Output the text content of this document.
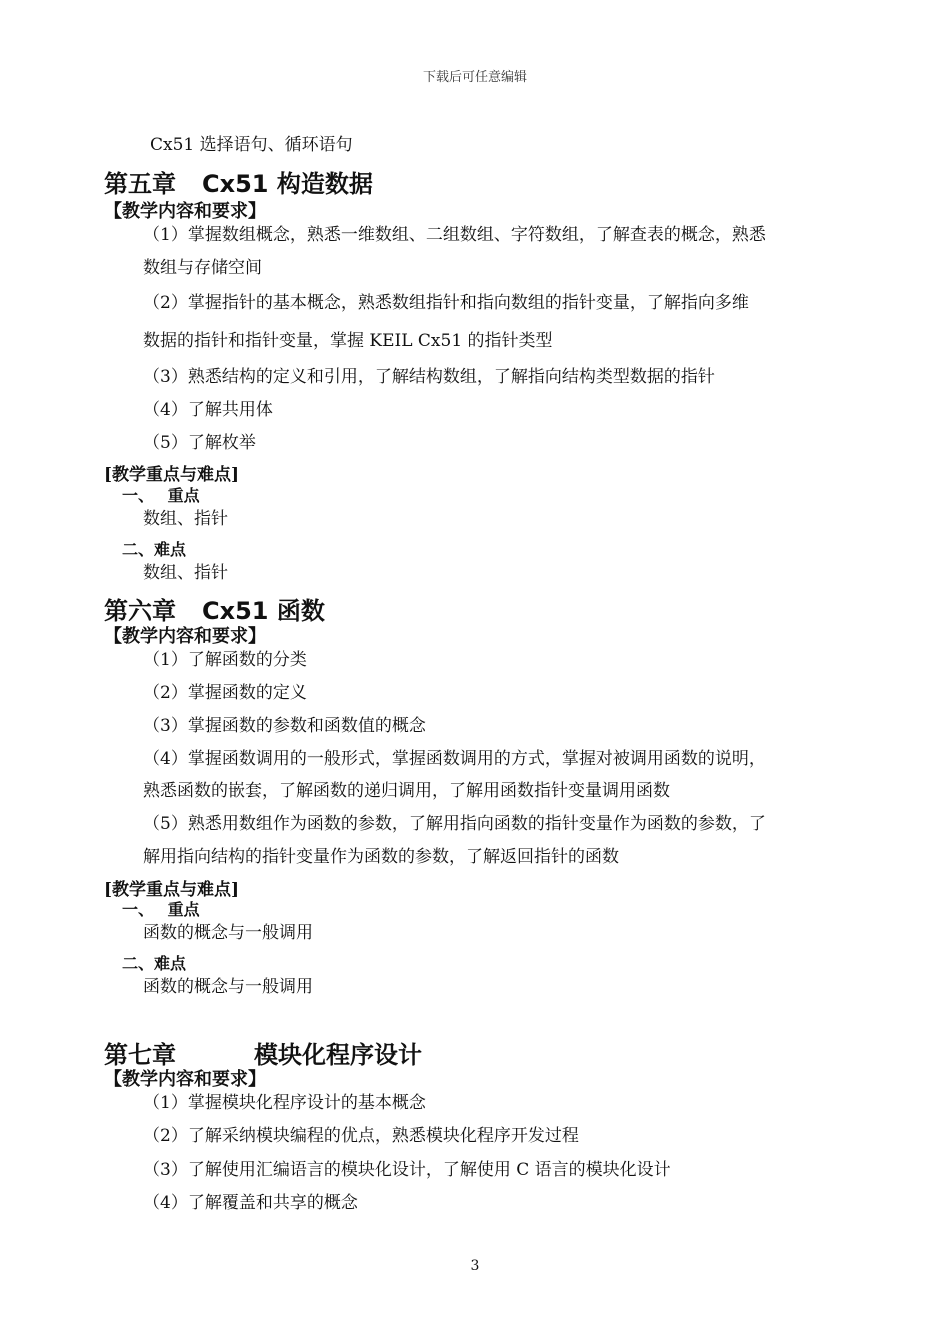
下载后可任意编辑
Cx51 选择语句、循环语句
第五章 Cx51 构造数据
【教学内容和要求】
（1）掌握数组概念，熟悉一维数组、二组数组、字符数组，了解查表的概念，熟悉
数组与存储空间
（2）掌握指针的基本概念，熟悉数组指针和指向数组的指针变量，了解指向多维
数据的指针和指针变量，掌握 KEIL Cx51 的指针类型
（3）熟悉结构的定义和引用，了解结构数组，了解指向结构类型数据的指针
（4）了解共用体
（5）了解枚举
[教学重点与难点]
一、　 重点
数组、指针
二、难点
数组、指针
第六章 Cx51 函数
【教学内容和要求】
（1）了解函数的分类
（2）掌握函数的定义
（3）掌握函数的参数和函数值的概念
（4）掌握函数调用的一般形式，掌握函数调用的方式，掌握对被调用函数的说明，
熟悉函数的嵌套，了解函数的递归调用，了解用函数指针变量调用函数
（5）熟悉用数组作为函数的参数，了解用指向函数的指针变量作为函数的参数，了
解用指向结构的指针变量作为函数的参数，了解返回指针的函数
[教学重点与难点]
一、　 重点
函数的概念与一般调用
二、难点
函数的概念与一般调用
第七章	模块化程序设计
【教学内容和要求】
（1）掌握模块化程序设计的基本概念
（2）了解采纳模块编程的优点，熟悉模块化程序开发过程
（3）了解使用汇编语言的模块化设计，了解使用 C 语言的模块化设计
（4）了解覆盖和共享的概念
3
